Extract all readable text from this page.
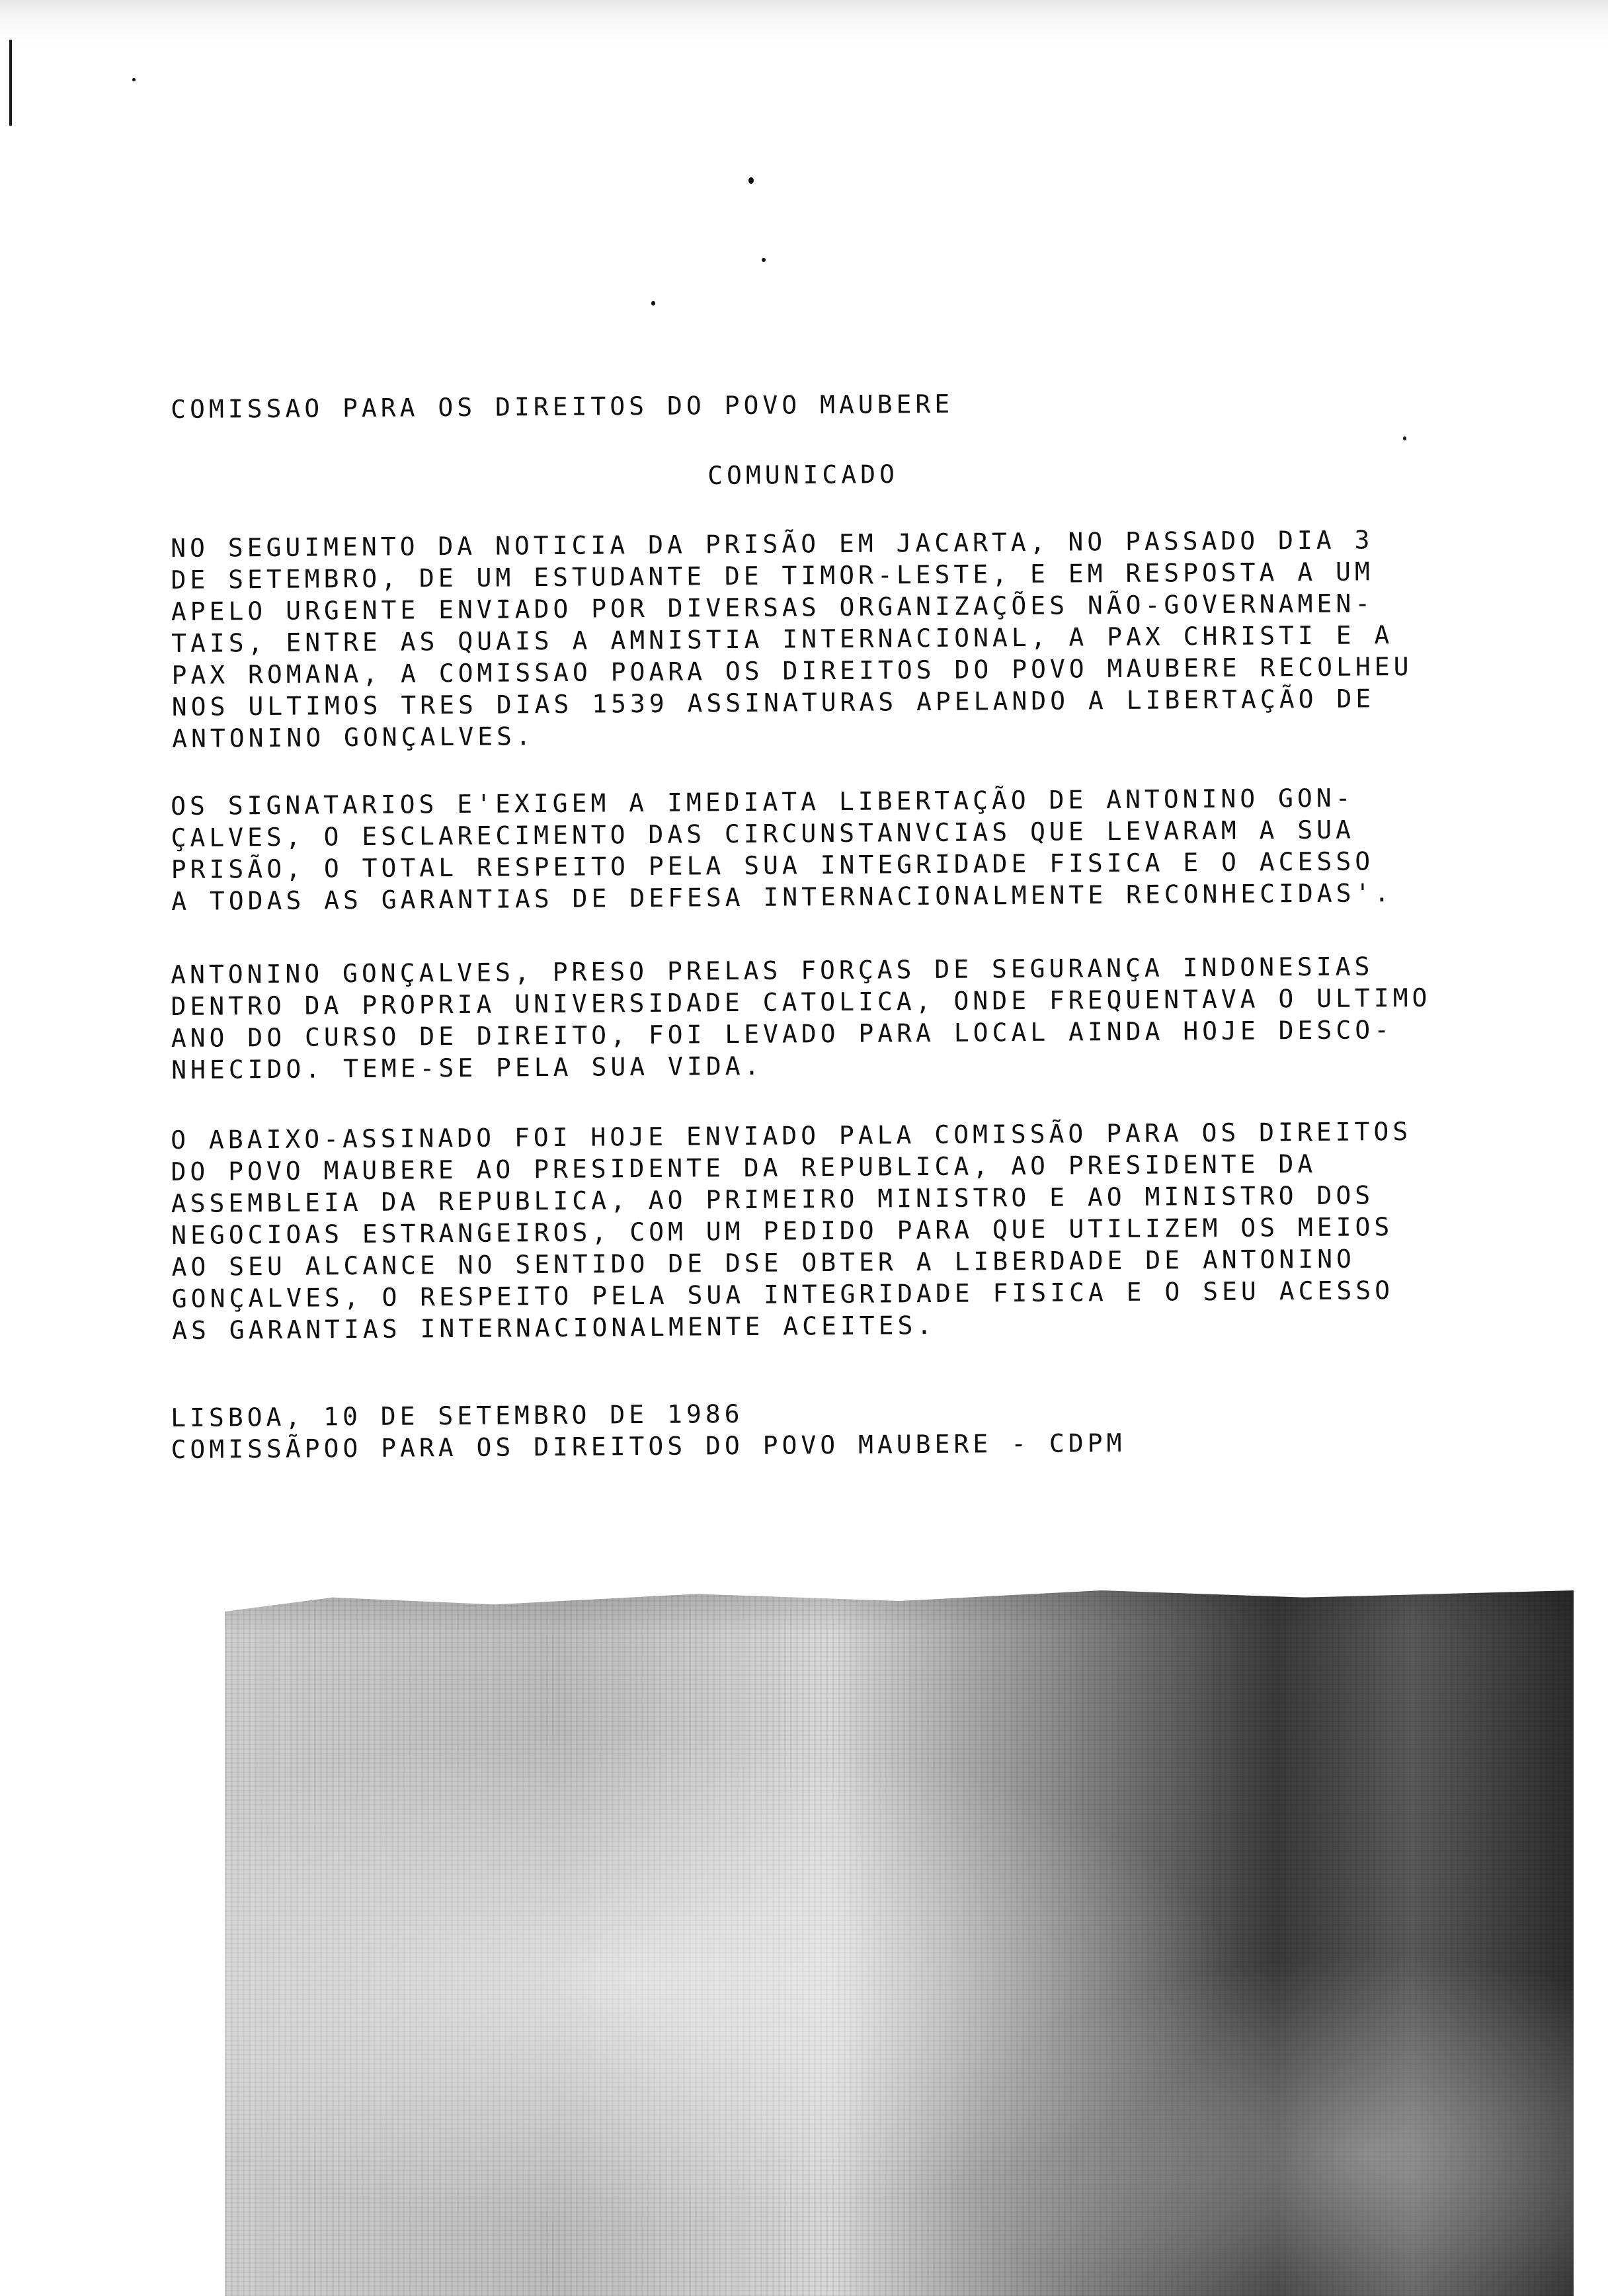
COMISSAO PARA OS DIREITOS DO POVO MAUBERE
COMUNICADO
NO SEGUIMENTO DA NOTICIA DA PRISÃO EM JACARTA, NO PASSADO DIA 3
DE SETEMBRO, DE UM ESTUDANTE DE TIMOR-LESTE, E EM RESPOSTA A UM
APELO URGENTE ENVIADO POR DIVERSAS ORGANIZAÇÕES NÃO-GOVERNAMEN-
TAIS, ENTRE AS QUAIS A AMNISTIA INTERNACIONAL, A PAX CHRISTI E A
PAX ROMANA, A COMISSAO POARA OS DIREITOS DO POVO MAUBERE RECOLHEU
NOS ULTIMOS TRES DIAS 1539 ASSINATURAS APELANDO A LIBERTAÇÃO DE
ANTONINO GONÇALVES.
OS SIGNATARIOS E'EXIGEM A IMEDIATA LIBERTAÇÃO DE ANTONINO GON-
ÇALVES, O ESCLARECIMENTO DAS CIRCUNSTANVCIAS QUE LEVARAM A SUA
PRISÃO, O TOTAL RESPEITO PELA SUA INTEGRIDADE FISICA E O ACESSO
A TODAS AS GARANTIAS DE DEFESA INTERNACIONALMENTE RECONHECIDAS'.
ANTONINO GONÇALVES, PRESO PRELAS FORÇAS DE SEGURANÇA INDONESIAS
DENTRO DA PROPRIA UNIVERSIDADE CATOLICA, ONDE FREQUENTAVA O ULTIMO
ANO DO CURSO DE DIREITO, FOI LEVADO PARA LOCAL AINDA HOJE DESCO-
NHECIDO. TEME-SE PELA SUA VIDA.
O ABAIXO-ASSINADO FOI HOJE ENVIADO PALA COMISSÃO PARA OS DIREITOS
DO POVO MAUBERE AO PRESIDENTE DA REPUBLICA, AO PRESIDENTE DA
ASSEMBLEIA DA REPUBLICA, AO PRIMEIRO MINISTRO E AO MINISTRO DOS
NEGOCIOAS ESTRANGEIROS, COM UM PEDIDO PARA QUE UTILIZEM OS MEIOS
AO SEU ALCANCE NO SENTIDO DE DSE OBTER A LIBERDADE DE ANTONINO
GONÇALVES, O RESPEITO PELA SUA INTEGRIDADE FISICA E O SEU ACESSO
AS GARANTIAS INTERNACIONALMENTE ACEITES.
LISBOA, 10 DE SETEMBRO DE 1986
COMISSÃPOO PARA OS DIREITOS DO POVO MAUBERE - CDPM
